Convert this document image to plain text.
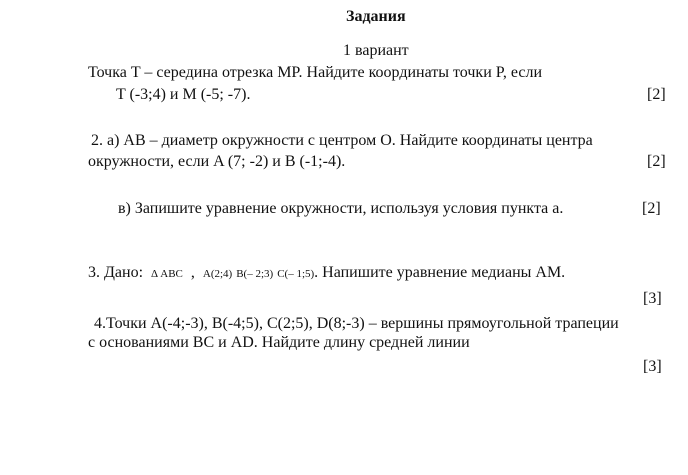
Задания
1 вариант
Точка T – середина отрезка MP. Найдите координаты точки P, если
T (-3;4) и M (-5; -7).	[2]
2. а) AB – диаметр окружности с центром O. Найдите координаты центра
окружности, если A (7; -2) и B (-1;-4).	[2]
в) Запишите уравнение окружности, используя условия пункта а.	[2]
3. Дано: Δ ABC , A(2;4) B(– 2;3) C(– 1;5). Напишите уравнение медианы AM.
[3]
4.Точки A(-4;-3), B(-4;5), C(2;5), D(8;-3) – вершины прямоугольной трапеции
с основаниями BC и AD. Найдите длину средней линии
[3]
